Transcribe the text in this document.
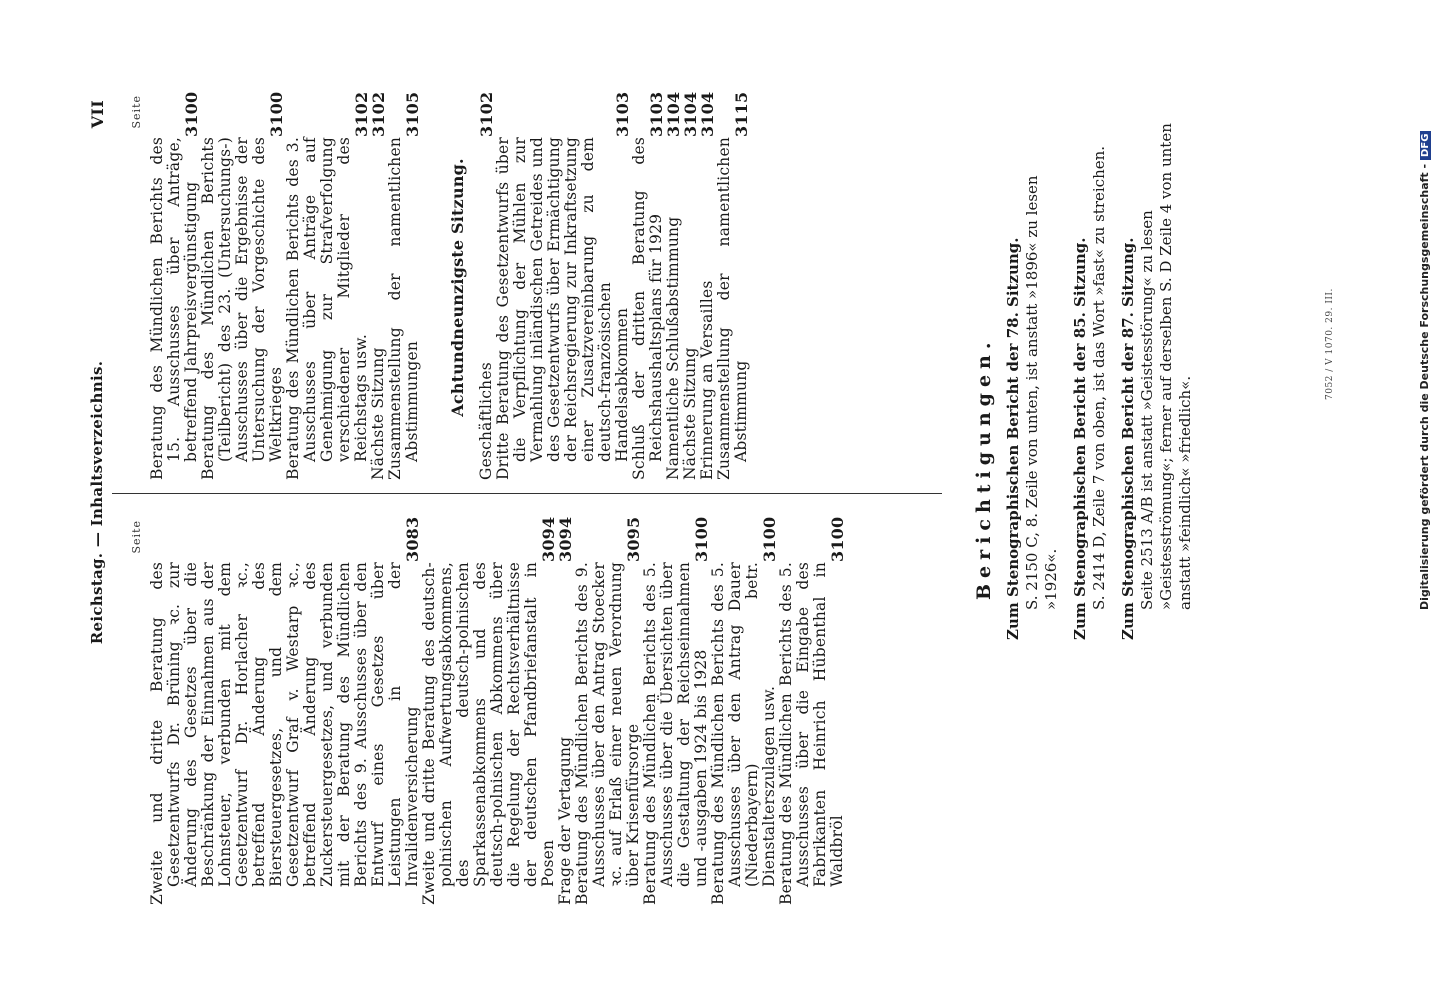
Reichstag. — Inhaltsverzeichnis.
VII
Seite
Zweite und dritte Beratung des Gesetzentwurfs Dr. Brüning ꝛc. zur Änderung des Gesetzes über die Beschränkung der Einnahmen aus der Lohnsteuer, verbunden mit dem Gesetzentwurf Dr. Horlacher ꝛc., betreffend Änderung des Biersteuergesetzes, und dem Gesetzentwurf Graf v. Westarp ꝛc., betreffend Änderung des Zuckersteuergesetzes, und verbunden mit der Beratung des Mündlichen Berichts des 9. Ausschusses über den Entwurf eines Gesetzes über Leistungen in der Invalidenversicherung
3083
Zweite und dritte Beratung des deutsch-polnischen Aufwertungsabkommens, des deutsch-polnischen Sparkassenabkommens und des deutsch-polnischen Abkommens über die Regelung der Rechtsverhältnisse der deutschen Pfandbriefanstalt in Posen
3094
Frage der Vertagung
3094
Beratung des Mündlichen Berichts des 9. Ausschusses über den Antrag Stoecker ꝛc. auf Erlaß einer neuen Verordnung über Krisenfürsorge
3095
Beratung des Mündlichen Berichts des 5. Ausschusses über die Übersichten über die Gestaltung der Reichseinnahmen und -ausgaben 1924 bis 1928
3100
Beratung des Mündlichen Berichts des 5. Ausschusses über den Antrag Dauer (Niederbayern) betr. Dienstalterszulagen usw.
3100
Beratung des Mündlichen Berichts des 5. Ausschusses über die Eingabe des Fabrikanten Heinrich Hübenthal in Waldbröl
3100
Seite
Beratung des Mündlichen Berichts des 15. Ausschusses über Anträge, betreffend Jahrpreisvergünstigung
3100
Beratung des Mündlichen Berichts (Teilbericht) des 23. (Untersuchungs-) Ausschusses über die Ergebnisse der Untersuchung der Vorgeschichte des Weltkrieges
3100
Beratung des Mündlichen Berichts des 3. Ausschusses über Anträge auf Genehmigung zur Strafverfolgung verschiedener Mitglieder des Reichstags usw.
3102
Nächste Sitzung
3102
Zusammenstellung der namentlichen Abstimmungen
3105
Achtundneunzigste Sitzung.
Geschäftliches
3102
Dritte Beratung des Gesetzentwurfs über die Verpflichtung der Mühlen zur Vermahlung inländischen Getreides und des Gesetzentwurfs über Ermächtigung der Reichsregierung zur Inkraftsetzung einer Zusatzvereinbarung zu dem deutsch-französischen Handelsabkommen
3103
Schluß der dritten Beratung des Reichshaushaltsplans für 1929
3103
Namentliche Schlußabstimmung
3104
Nächste Sitzung
3104
Erinnerung an Versailles
3104
Zusammenstellung der namentlichen Abstimmung
3115
Berichtigungen. Zum Stenographischen Bericht der 78. Sitzung. S. 2150 C, 8. Zeile von unten, ist anstatt »1896« zu lesen »1926«. Zum Stenographischen Bericht der 85. Sitzung. S. 2414 D, Zeile 7 von oben, ist das Wort »fast« zu streichen. Zum Stenographischen Bericht der 87. Sitzung. Seite 2513 A/B ist anstatt »Geistesstörung« zu lesen »Geistesströmung«; ferner auf derselben S. D Zeile 4 von unten anstatt »feindlich« »friedlich«.
7052 / V 1070. 29. III.	Digitalisierung gefördert durch die Deutsche Forschungsgemeinschaft -DFG
